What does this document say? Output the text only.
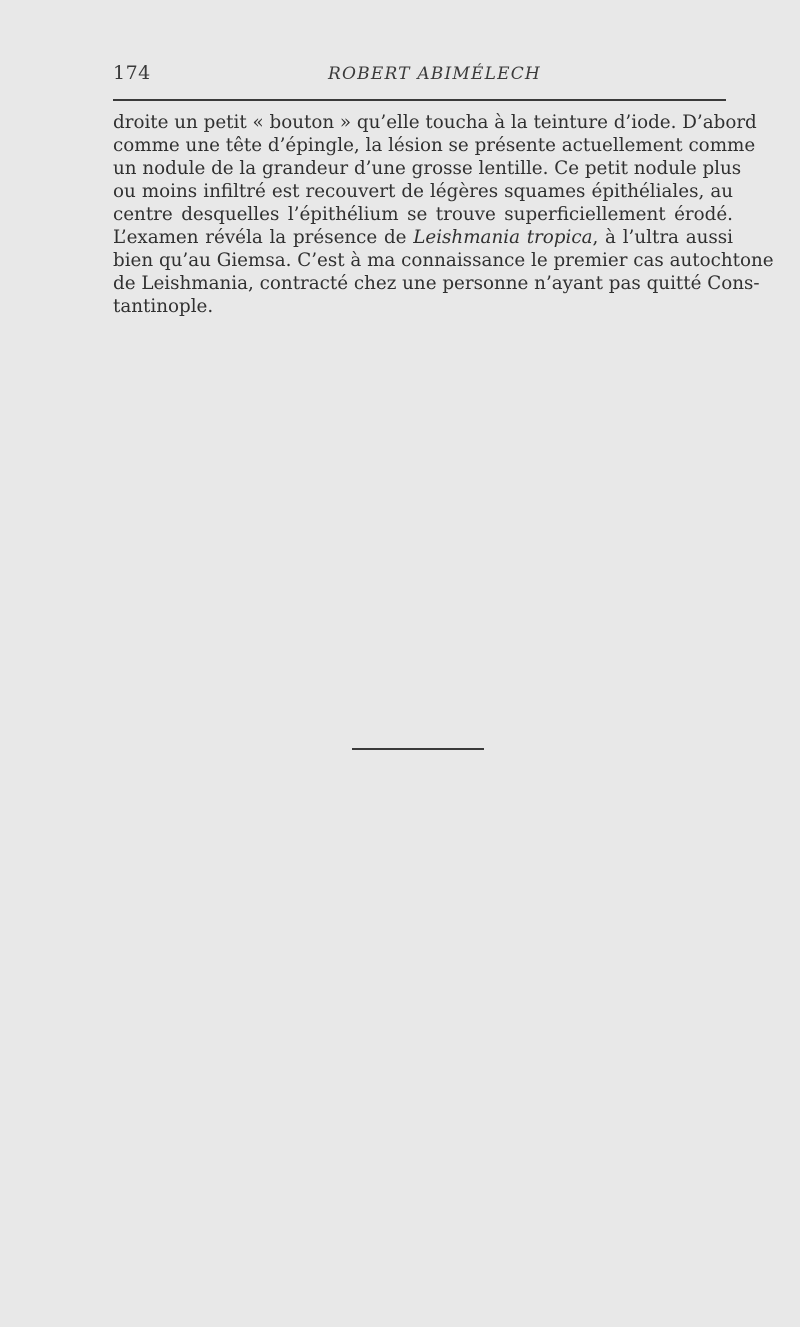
174	ROBERT ABIMÉLECH

droite un petit « bouton » qu’elle toucha à la teinture d’iode. D’abord
comme une tête d’épingle, la lésion se présente actuellement comme
un nodule de la grandeur d’une grosse lentille. Ce petit nodule plus
ou moins infiltré est recouvert de légères squames épithéliales, au
centre desquelles l’épithélium se trouve superficiellement érodé.
L’examen révéla la présence de Leishmania tropica, à l’ultra aussi
bien qu’au Giemsa. C’est à ma connaissance le premier cas autochtone
de Leishmania, contracté chez une personne n’ayant pas quitté Cons-
tantinople.
